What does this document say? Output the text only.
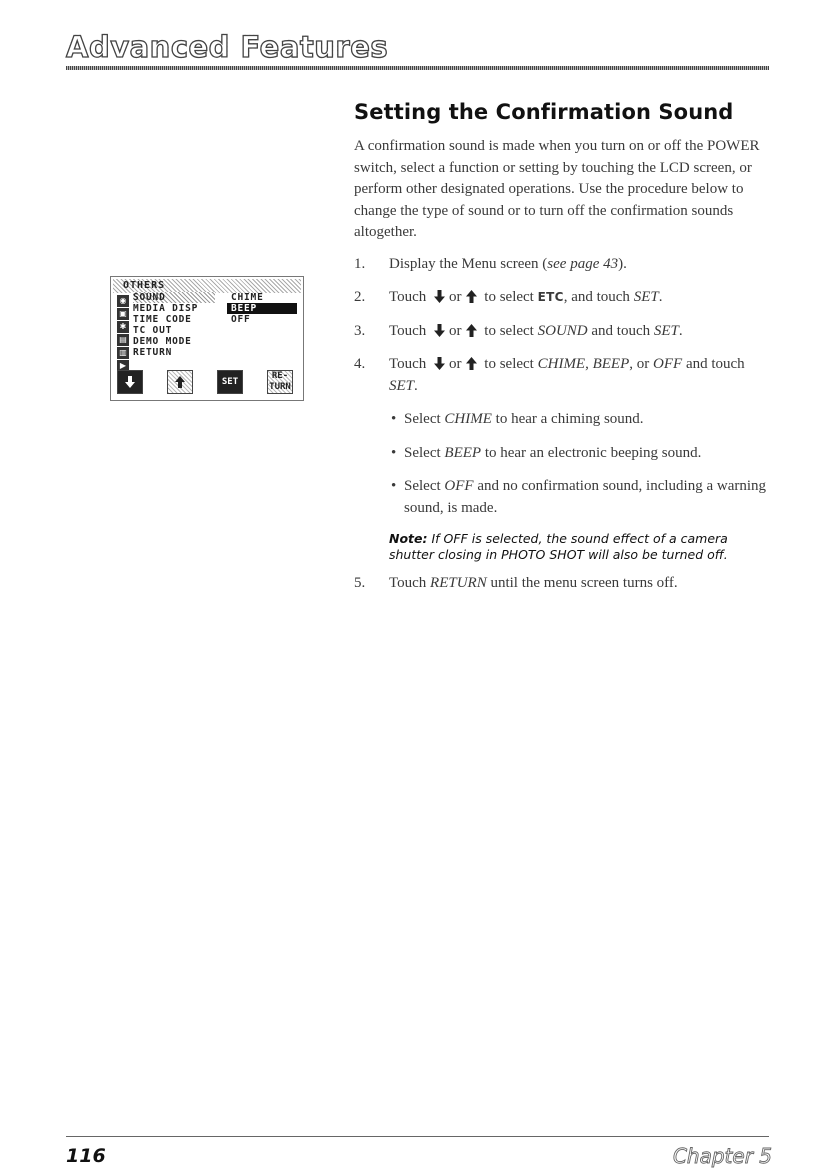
Advanced Features
OTHERS
◉
▣
✱
▤
▥
▶
SOUND
MEDIA DISP
TIME CODE
TC OUT
DEMO MODE
RETURN
CHIME
BEEP
OFF
SET
RE-
TURN
Setting the Confirmation Sound

A confirmation sound is made when you turn on or off the POWER switch, select a function or setting by touching the LCD screen, or perform other designated operations. Use the procedure below to change the type of sound or to turn off the confirmation sounds altogether.

1. Display the Menu screen (see page 43).
2. Touch or to select ETC, and touch SET.
3. Touch or to select SOUND and touch SET.
4. Touch or to select CHIME, BEEP, or OFF and touch SET.
• Select CHIME to hear a chiming sound.
• Select BEEP to hear an electronic beeping sound.
• Select OFF and no confirmation sound, including a warning sound, is made.
Note: If OFF is selected, the sound effect of a camera shutter closing in PHOTO SHOT will also be turned off.
5. Touch RETURN until the menu screen turns off.
116	Chapter 5
